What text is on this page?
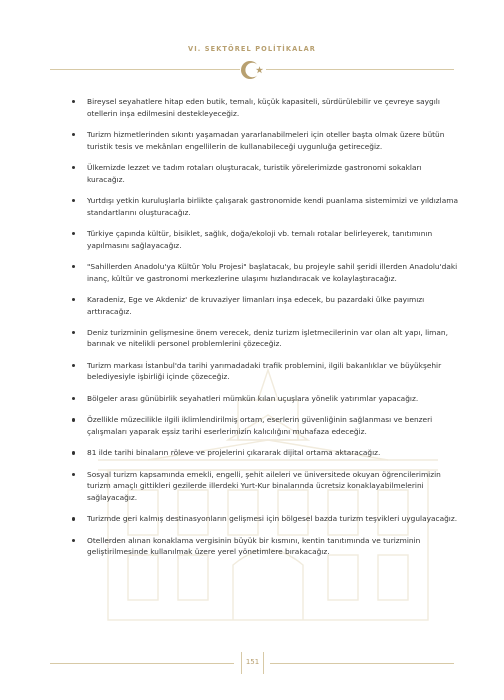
VI. SEKTÖREL POLİTİKALAR
Bireysel seyahatlere hitap eden butik, temalı, küçük kapasiteli, sürdürülebilir ve çevreye saygılı otellerin inşa edilmesini destekleyeceğiz.
Turizm hizmetlerinden sıkıntı yaşamadan yararlanabilmeleri için oteller başta olmak üzere bütün turistik tesis ve mekânları engellilerin de kullanabileceği uygunluğa getireceğiz.
Ülkemizde lezzet ve tadım rotaları oluşturacak, turistik yörelerimizde gastronomi sokakları kuracağız.
Yurtdışı yetkin kuruluşlarla birlikte çalışarak gastronomide kendi puanlama sistemimizi ve yıldızlama standartlarını oluşturacağız.
Türkiye çapında kültür, bisiklet, sağlık, doğa/ekoloji vb. temalı rotalar belirleyerek, tanıtımının yapılmasını sağlayacağız.
"Sahillerden Anadolu'ya Kültür Yolu Projesi" başlatacak, bu projeyle sahil şeridi illerden Anadolu'daki inanç, kültür ve gastronomi merkezlerine ulaşımı hızlandıracak ve kolaylaştıracağız.
Karadeniz, Ege ve Akdeniz' de kruvaziyer limanları inşa edecek, bu pazardaki ülke payımızı arttıracağız.
Deniz turizminin gelişmesine önem verecek, deniz turizm işletmecilerinin var olan alt yapı, liman, barınak ve nitelikli personel problemlerini çözeceğiz.
Turizm markası İstanbul'da tarihi yarımadadaki trafik problemini, ilgili bakanlıklar ve büyükşehir belediyesiyle işbirliği içinde çözeceğiz.
Bölgeler arası günübirlik seyahatleri mümkün kılan uçuşlara yönelik yatırımlar yapacağız.
Özellikle müzecilikle ilgili iklimlendirilmiş ortam, eserlerin güvenliğinin sağlanması ve benzeri çalışmaları yaparak eşsiz tarihi eserlerimizin kalıcılığını muhafaza edeceğiz.
81 ilde tarihi binaların röleve ve projelerini çıkararak dijital ortama aktaracağız.
Sosyal turizm kapsamında emekli, engelli, şehit aileleri ve üniversitede okuyan öğrencilerimizin turizm amaçlı gittikleri gezilerde illerdeki Yurt-Kur binalarında ücretsiz konaklayabilmelerini sağlayacağız.
Turizmde geri kalmış destinasyonların gelişmesi için bölgesel bazda turizm teşvikleri uygulayacağız.
Otellerden alınan konaklama vergisinin büyük bir kısmını, kentin tanıtımında ve turizminin geliştirilmesinde kullanılmak üzere yerel yönetimlere bırakacağız.
151
